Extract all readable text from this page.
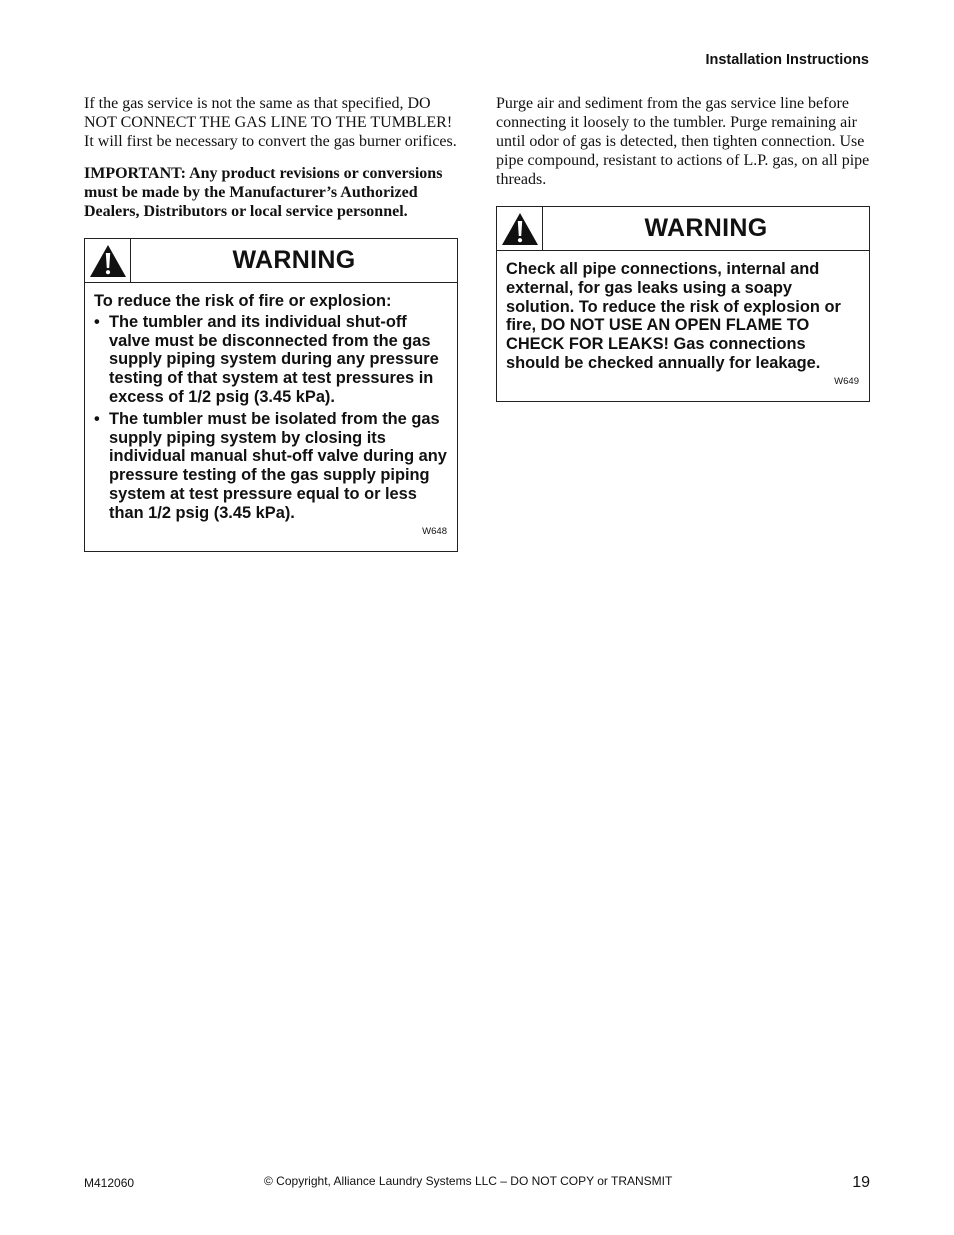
Installation Instructions

If the gas service is not the same as that specified, DO NOT CONNECT THE GAS LINE TO THE TUMBLER! It will first be necessary to convert the gas burner orifices.

IMPORTANT: Any product revisions or conversions must be made by the Manufacturer’s Authorized Dealers, Distributors or local service personnel.

WARNING

To reduce the risk of fire or explosion:

• The tumbler and its individual shut-off valve must be disconnected from the gas supply piping system during any pressure testing of that system at test pressures in excess of 1/2 psig (3.45 kPa).
• The tumbler must be isolated from the gas supply piping system by closing its individual manual shut-off valve during any pressure testing of the gas supply piping system at test pressure equal to or less than 1/2 psig (3.45 kPa).
W648

Purge air and sediment from the gas service line before connecting it loosely to the tumbler. Purge remaining air until odor of gas is detected, then tighten connection. Use pipe compound, resistant to actions of L.P. gas, on all pipe threads.

WARNING

Check all pipe connections, internal and external, for gas leaks using a soapy solution. To reduce the risk of explosion or fire, DO NOT USE AN OPEN FLAME TO CHECK FOR LEAKS! Gas connections should be checked annually for leakage.

W649
M412060	© Copyright, Alliance Laundry Systems LLC – DO NOT COPY or TRANSMIT	19
